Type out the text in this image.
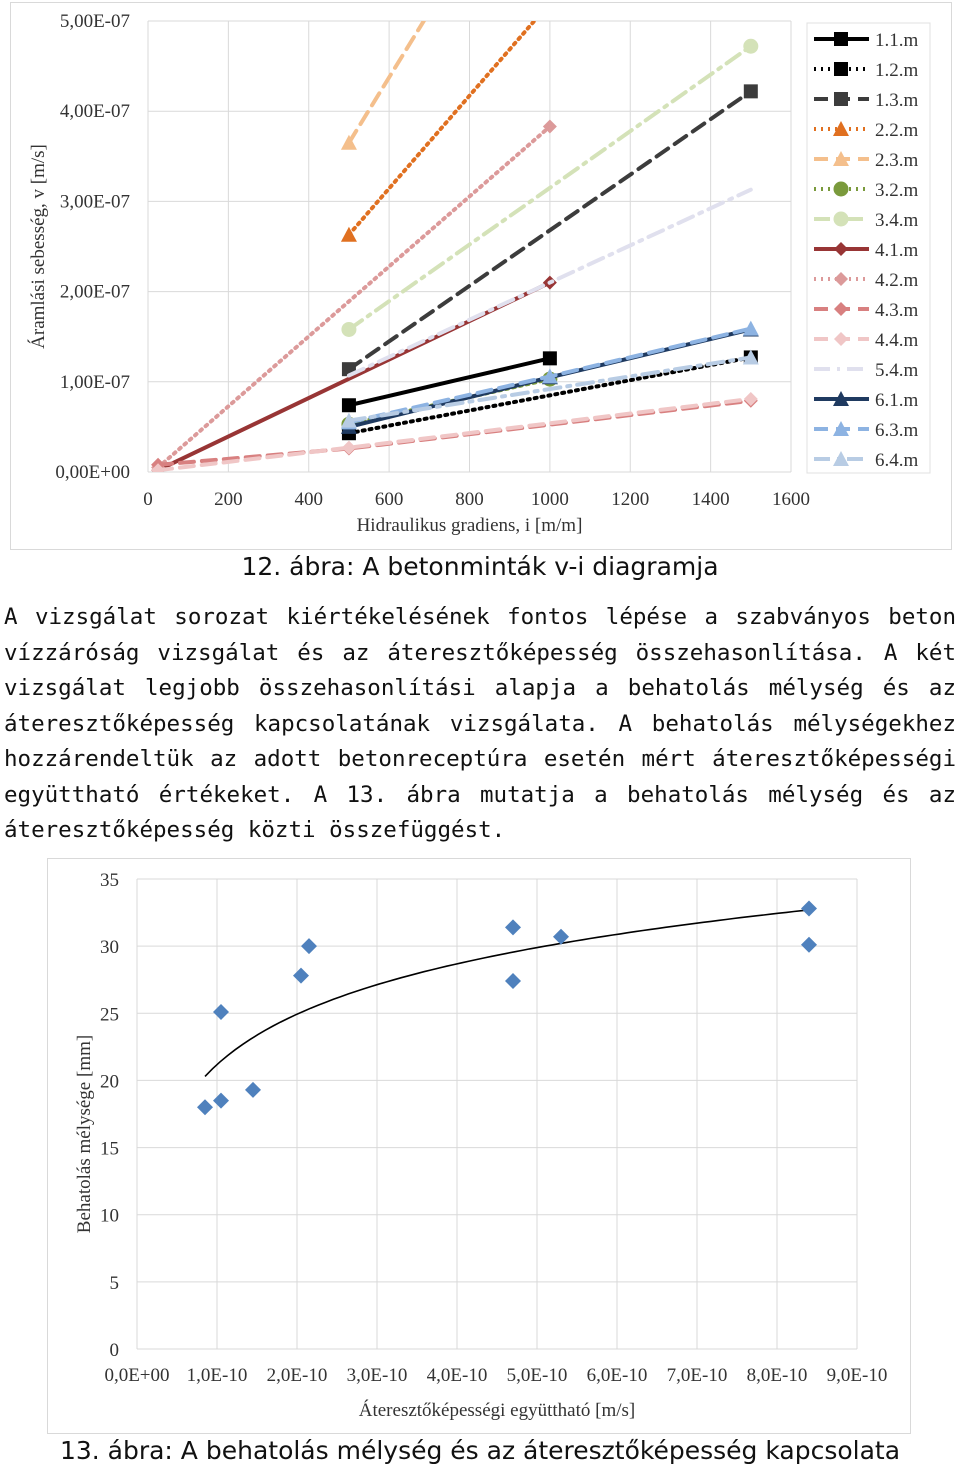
0	200	400	600	800 1000 1200 1400 1600
0,00E+00
1,00E-07
2,00E-07
3,00E-07
4,00E-07
5,00E-07
Hidraulikus gradiens, i [m/m]
Áramlási sebesség, v [m/s]
1.1.m
1.2.m
1.3.m
2.2.m
2.3.m
3.2.m
3.4.m
4.1.m
4.2.m
4.3.m
4.4.m
5.4.m
6.1.m
6.3.m
6.4.m
12. ábra: A betonminták v-i diagramja

A vizsgálat sorozat kiértékelésének fontos lépése a szabványos beton vízzáróság vizsgálat és az áteresztőképesség összehasonlítása. A két vizsgálat legjobb összehasonlítási alapja a behatolás mélység és az áteresztőképesség kapcsolatának vizsgálata. A behatolás mélységekhez hozzárendeltük az adott betonreceptúra esetén mért áteresztőképességi együttható értékeket. A 13. ábra mutatja a behatolás mélység és az áteresztőképesség közti összefüggést.

0,0E+00 1,0E-10 2,0E-10 3,0E-10 4,0E-10 5,0E-10 6,0E-10 7,0E-10 8,0E-10 9,0E-10
0
5
10
15
20
25
30
35
Áteresztőképességi együttható [m/s]
Behatolás mélysége [mm]
13. ábra: A behatolás mélység és az áteresztőképesség kapcsolata
